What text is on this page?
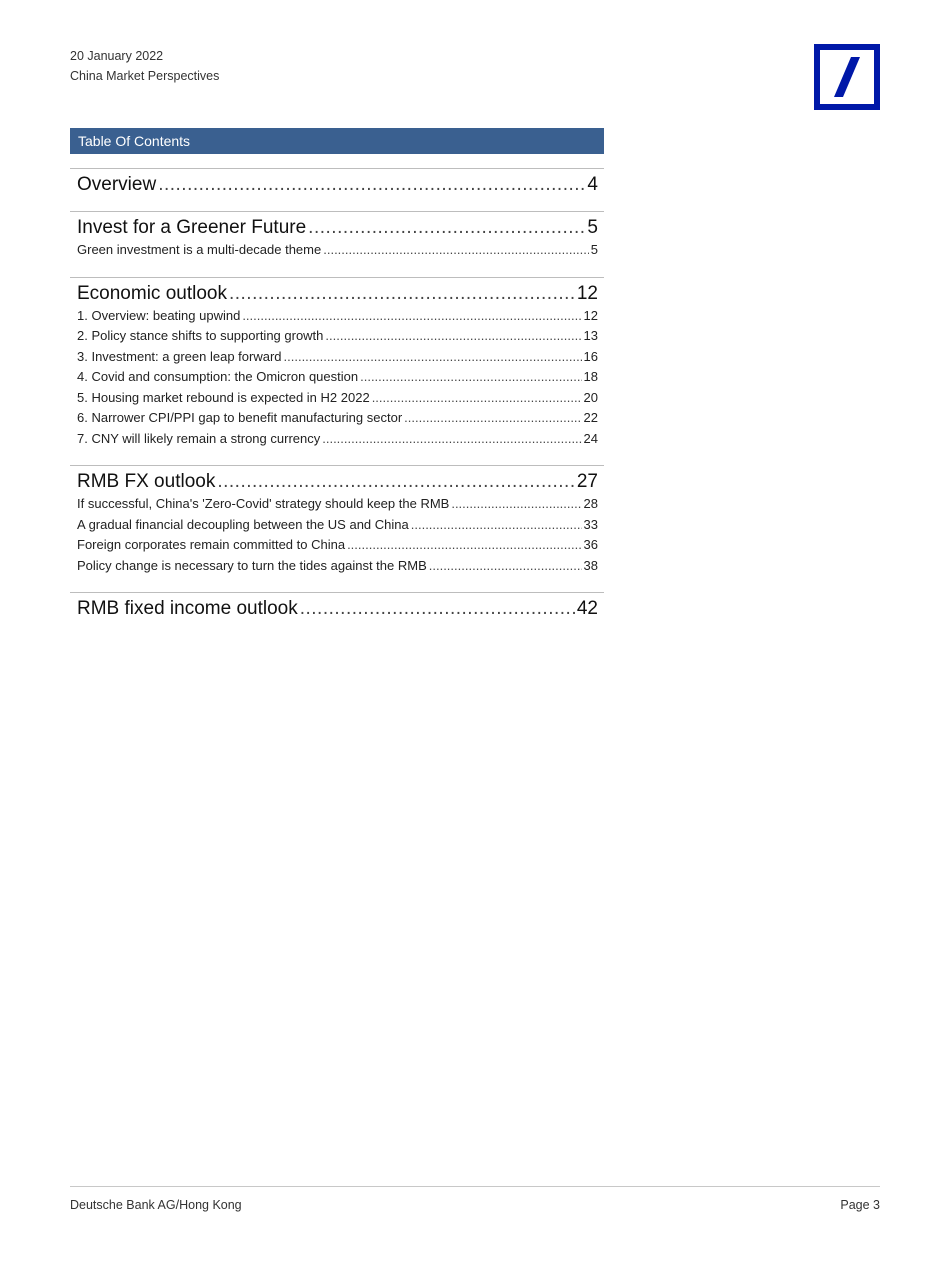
20 January 2022
China Market Perspectives
Table Of Contents
Overview .....	4
Invest for a Greener Future .....	5
Green investment is a multi-decade theme .....	5
Economic outlook .....	12
1. Overview: beating upwind .....	12
2. Policy stance shifts to supporting growth .....	13
3. Investment: a green leap forward .....	16
4. Covid and consumption: the Omicron question .....	18
5. Housing market rebound is expected in H2 2022 .....	20
6. Narrower CPI/PPI gap to benefit manufacturing sector .....	22
7. CNY will likely remain a strong currency .....	24
RMB FX outlook .....	27
If successful, China's 'Zero-Covid' strategy should keep the RMB .....	28
A gradual financial decoupling between the US and China .....	33
Foreign corporates remain committed to China .....	36
Policy change is necessary to turn the tides against the RMB .....	38
RMB fixed income outlook .....	42
Deutsche Bank AG/Hong Kong	Page 3
